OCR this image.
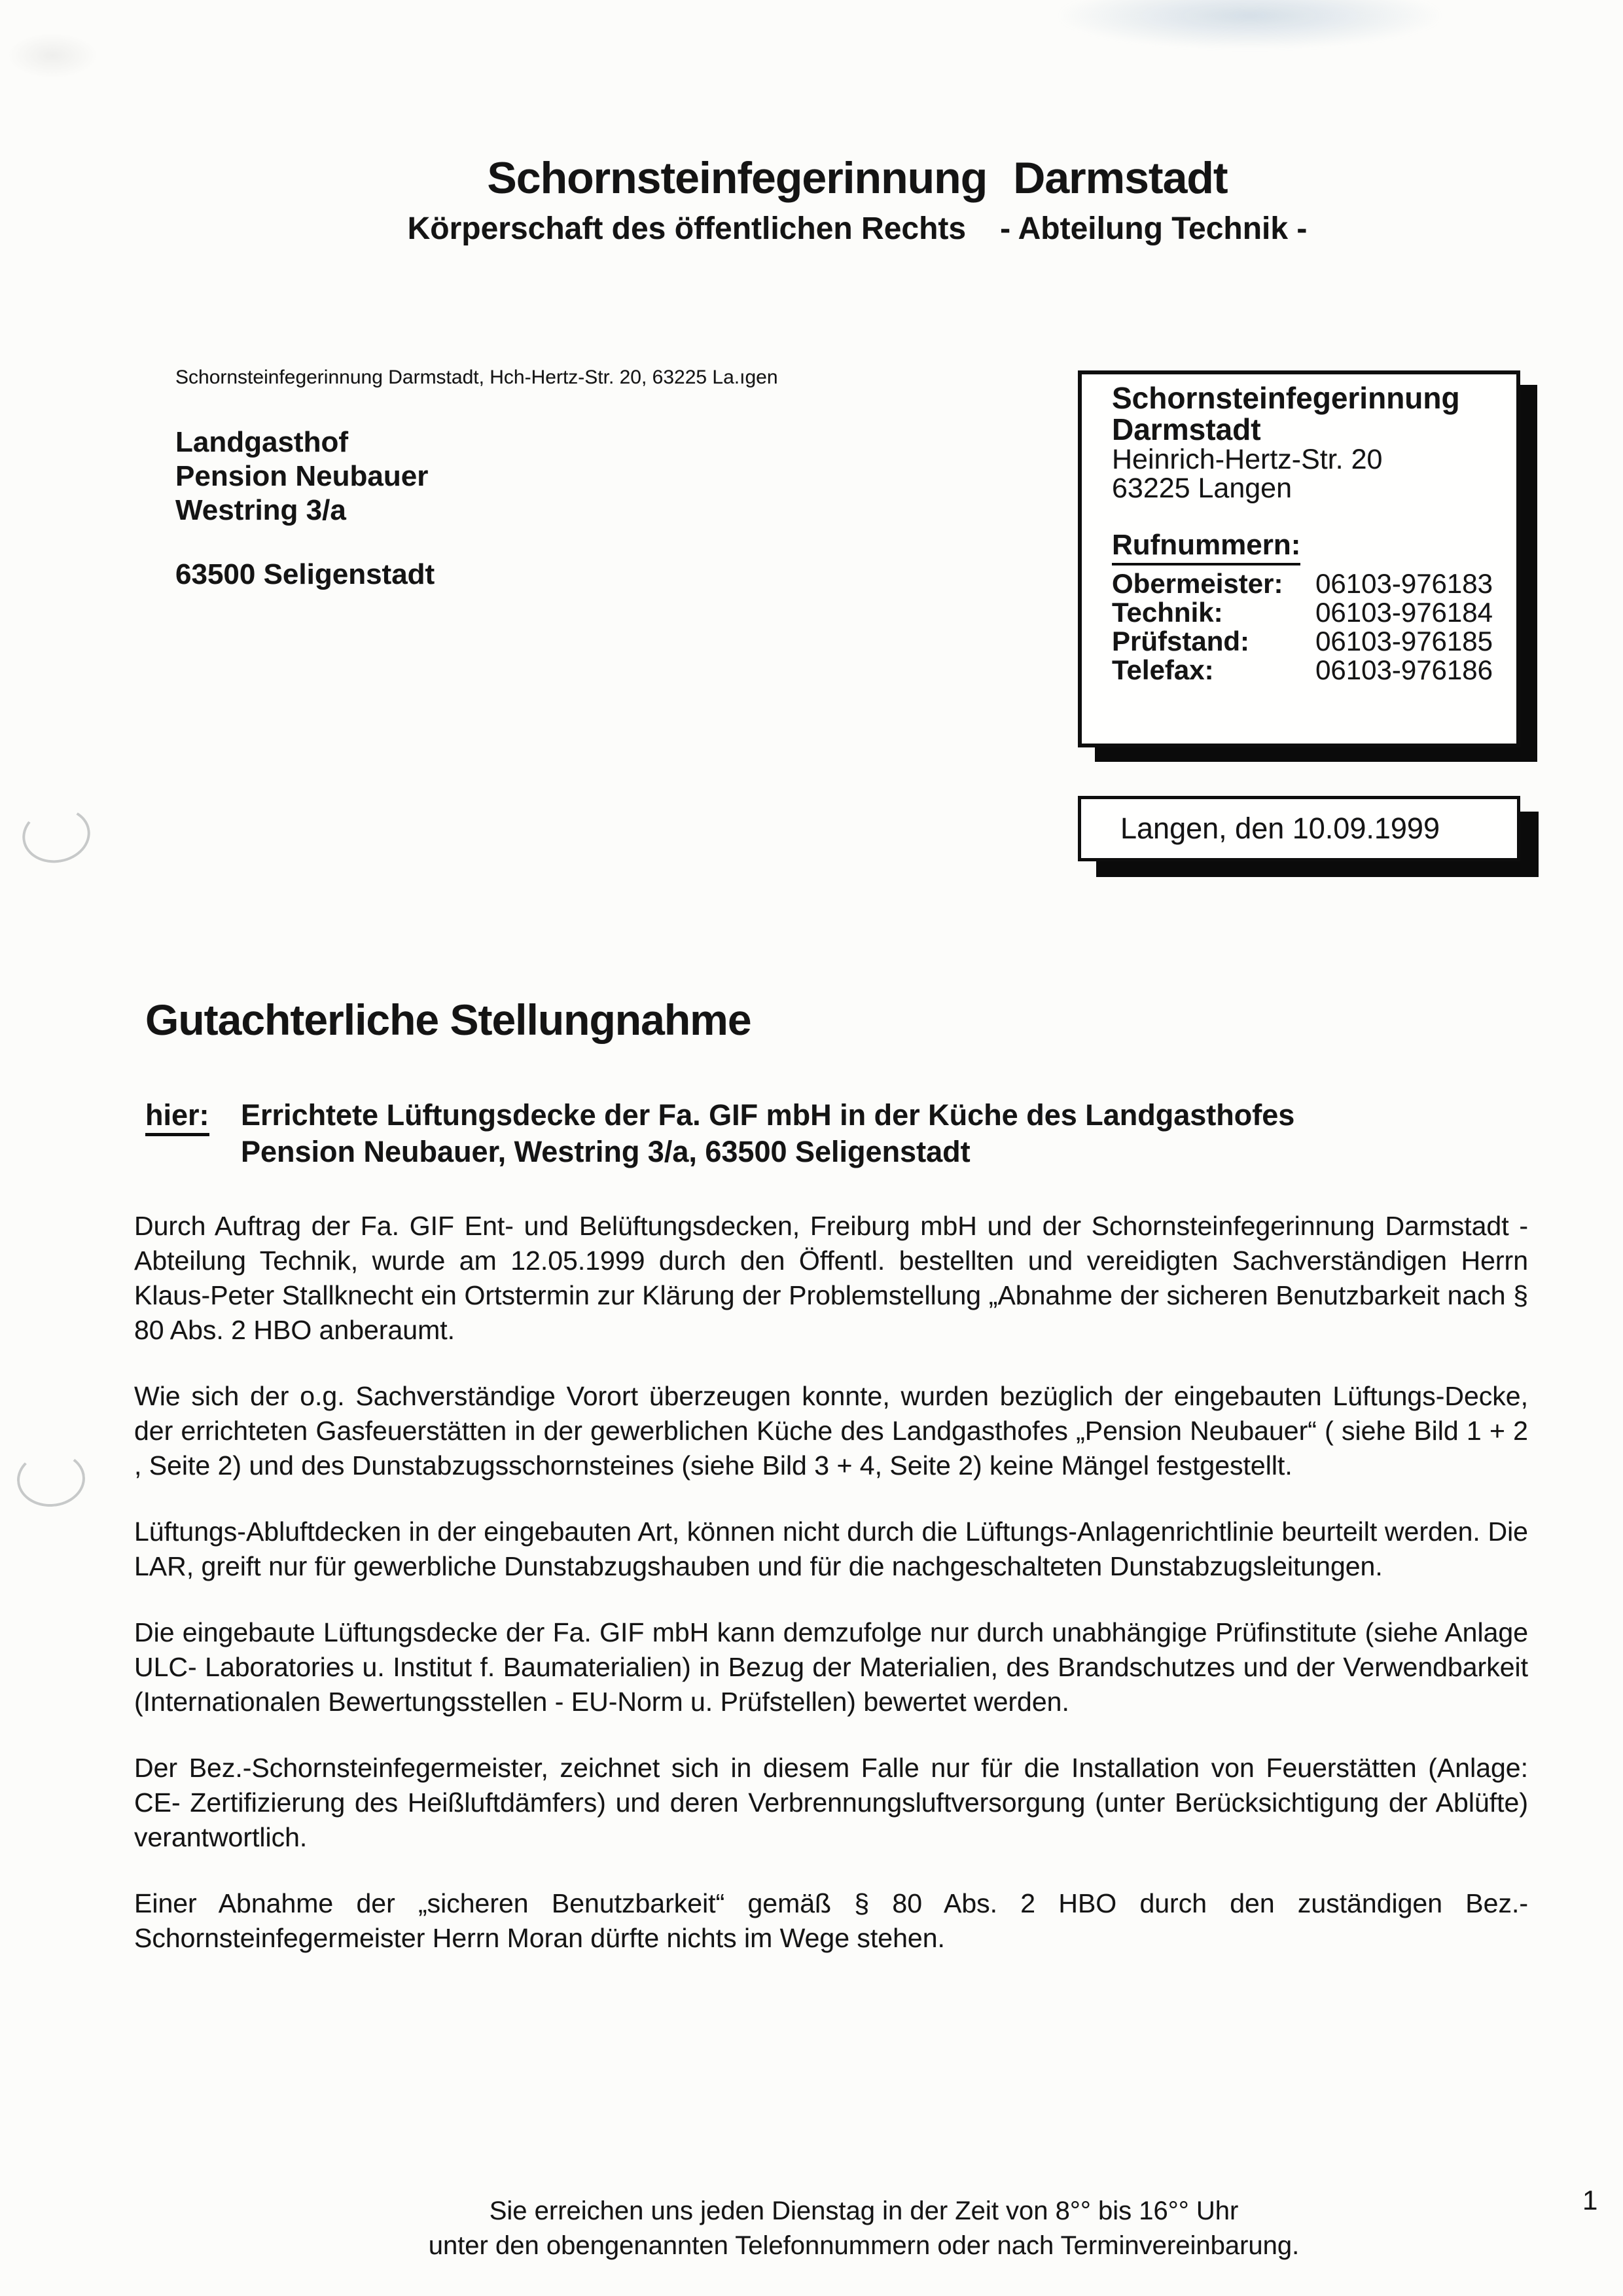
Schornsteinfegerinnung Darmstadt
Körperschaft des öffentlichen Rechts - Abteilung Technik -
Schornsteinfegerinnung Darmstadt, Hch-Hertz-Str. 20, 63225 La.ıgen
Landgasthof
Pension Neubauer
Westring 3/a
63500 Seligenstadt
Schornsteinfegerinnung
Darmstadt
Heinrich-Hertz-Str. 20
63225 Langen
Rufnummern:
Obermeister: 06103-976183
Technik:	06103-976184
Prüfstand: 06103-976185
Telefax:	06103-976186
Langen, den 10.09.1999
Gutachterliche Stellungnahme
hier:	Errichtete Lüftungsdecke der Fa. GIF mbH in der Küche des Landgasthofes
Pension Neubauer, Westring 3/a, 63500 Seligenstadt

Durch Auftrag der Fa. GIF Ent- und Belüftungsdecken, Freiburg mbH und der Schornsteinfegerinnung Darmstadt - Abteilung Technik, wurde am 12.05.1999 durch den Öffentl. bestellten und vereidigten Sachverständigen Herrn Klaus-Peter Stallknecht ein Ortstermin zur Klärung der Problemstellung „Abnahme der sicheren Benutzbarkeit nach § 80 Abs. 2 HBO anberaumt.

Wie sich der o.g. Sachverständige Vorort überzeugen konnte, wurden bezüglich der eingebauten Lüftungs-Decke, der errichteten Gasfeuerstätten in der gewerblichen Küche des Landgasthofes „Pension Neubauer“ ( siehe Bild 1 + 2 , Seite 2) und des Dunstabzugsschornsteines (siehe Bild 3 + 4, Seite 2) keine Mängel festgestellt.

Lüftungs-Abluftdecken in der eingebauten Art, können nicht durch die Lüftungs-Anlagenrichtlinie beurteilt werden. Die LAR, greift nur für gewerbliche Dunstabzugshauben und für die nachgeschalteten Dunstabzugsleitungen.

Die eingebaute Lüftungsdecke der Fa. GIF mbH kann demzufolge nur durch unabhängige Prüfinstitute (siehe Anlage ULC- Laboratories u. Institut f. Baumaterialien) in Bezug der Materialien, des Brandschutzes und der Verwendbarkeit (Internationalen Bewertungsstellen - EU-Norm u. Prüfstellen) bewertet werden.

Der Bez.-Schornsteinfegermeister, zeichnet sich in diesem Falle nur für die Installation von Feuerstätten (Anlage: CE- Zertifizierung des Heißluftdämfers) und deren Verbrennungsluftversorgung (unter Berücksichtigung der Ablüfte) verantwortlich.

Einer Abnahme der „sicheren Benutzbarkeit“ gemäß § 80 Abs. 2 HBO durch den zuständigen Bez.-Schornsteinfegermeister Herrn Moran dürfte nichts im Wege stehen.

Sie erreichen uns jeden Dienstag in der Zeit von 8°° bis 16°° Uhr
unter den obengenannten Telefonnummern oder nach Terminvereinbarung.
1
